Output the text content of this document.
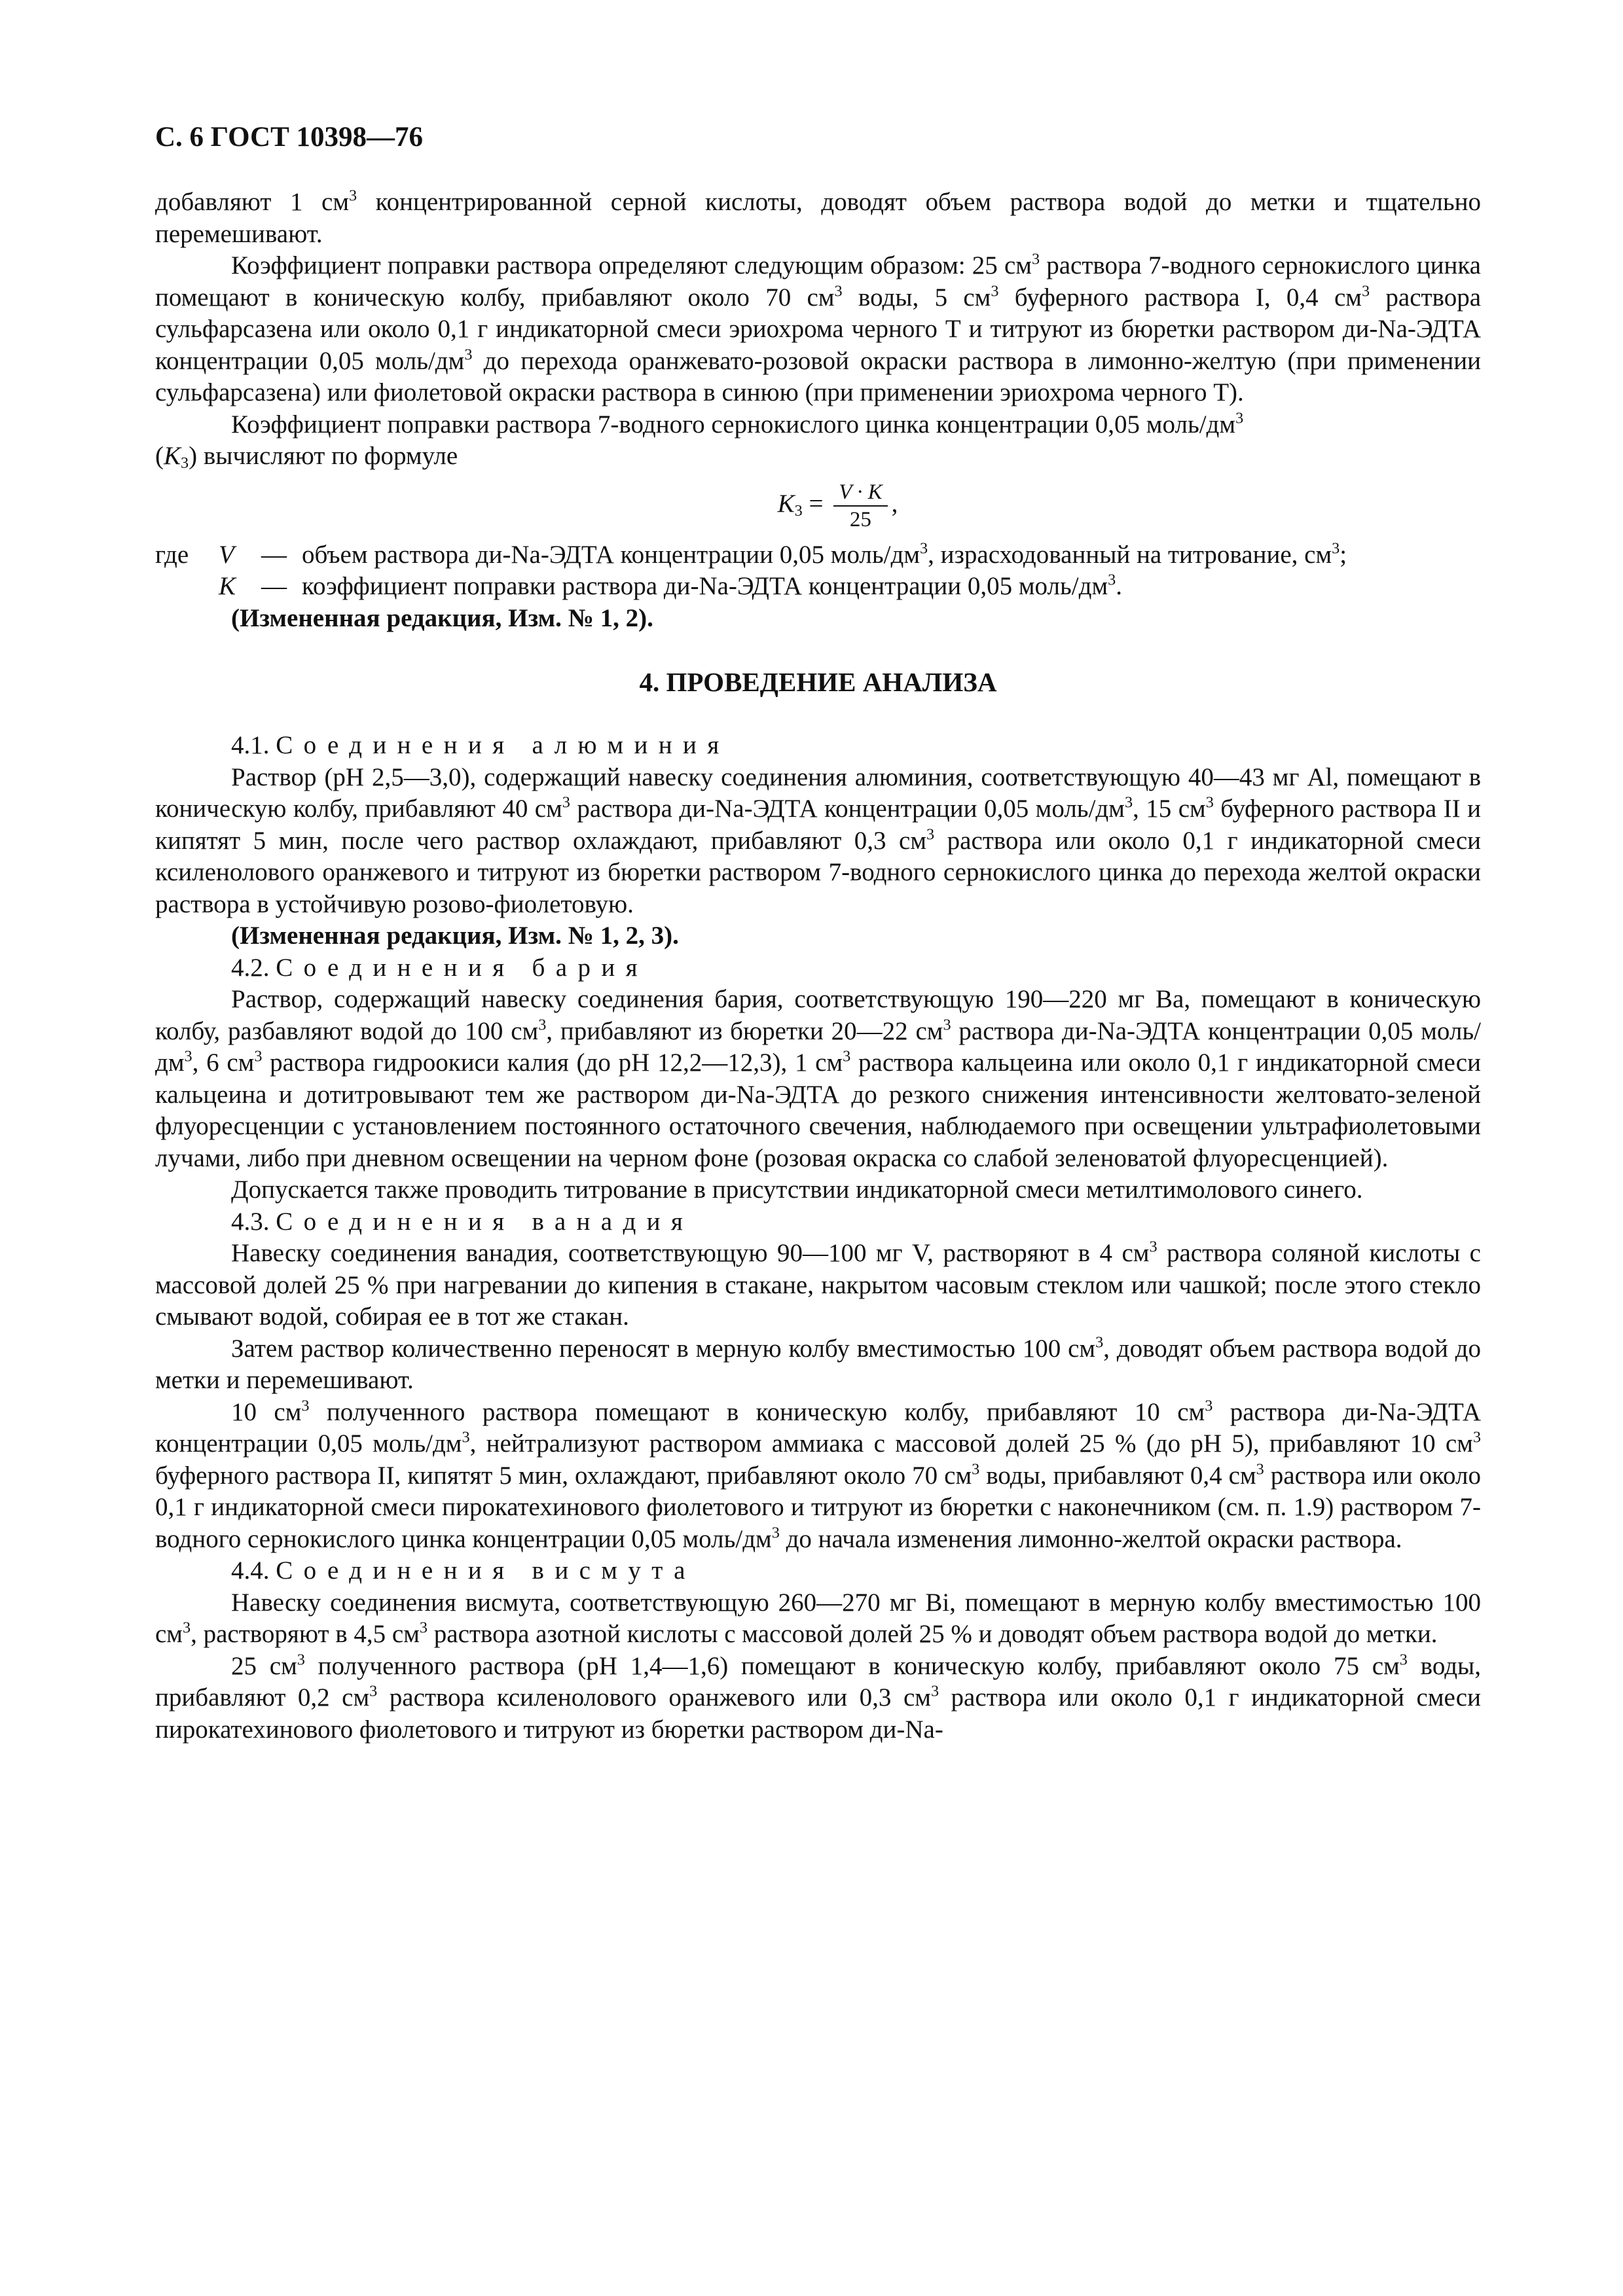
С. 6 ГОСТ 10398—76

добавляют 1 $см^3$ концентрированной серной кислоты, доводят объем раствора водой до метки и тщательно перемешивают.

Коэффициент поправки раствора определяют следующим образом: 25 $см^3$ раствора 7-водного сернокислого цинка помещают в коническую колбу, прибавляют около 70 $см^3$ воды, 5 $см^3$ буферного раствора I, 0,4 $см^3$ раствора сульфарсазена или около 0,1 г индикаторной смеси эриохрома черного Т и титруют из бюретки раствором ди-Na-ЭДТА концентрации 0,05 моль/$дм^3$ до перехода оранжевато-розовой окраски раствора в лимонно-желтую (при применении сульфарсазена) или фиолетовой окраски раствора в синюю (при применении эриохрома черного Т).

Коэффициент поправки раствора 7-водного сернокислого цинка концентрации 0,05 моль/$дм^3$

$(K_3)$ вычисляют по формуле

$K_3 = \frac{V \cdot K}{25}$ ,
где	V	— объем раствора ди-Na-ЭДТА концентрации 0,05 моль/$дм^3$, израсходованный на титрование, $см^3$;
K — коэффициент поправки раствора ди-Na-ЭДТА концентрации 0,05 моль/$дм^3$.

(Измененная редакция, Изм. № 1, 2).

4. ПРОВЕДЕНИЕ АНАЛИЗА

4.1. Соединения алюминия

Раствор (рН 2,5—3,0), содержащий навеску соединения алюминия, соответствующую 40—43 мг Al, помещают в коническую колбу, прибавляют 40 $см^3$ раствора ди-Na-ЭДТА концентрации 0,05 моль/$дм^3$, 15 $см^3$ буферного раствора II и кипятят 5 мин, после чего раствор охлаждают, прибавляют 0,3 $см^3$ раствора или около 0,1 г индикаторной смеси ксиленолового оранжевого и титруют из бюретки раствором 7-водного сернокислого цинка до перехода желтой окраски раствора в устойчивую розово-фиолетовую.

(Измененная редакция, Изм. № 1, 2, 3).

4.2. Соединения бария

Раствор, содержащий навеску соединения бария, соответствующую 190—220 мг Ва, помещают в коническую колбу, разбавляют водой до 100 $см^3$, прибавляют из бюретки 20—22 $см^3$ раствора ди-Na-ЭДТА концентрации 0,05 моль/$дм^3$, 6 $см^3$ раствора гидроокиси калия (до рН 12,2—12,3), 1 $см^3$ раствора кальцеина или около 0,1 г индикаторной смеси кальцеина и дотитровывают тем же раствором ди-Na-ЭДТА до резкого снижения интенсивности желтовато-зеленой флуоресценции с установлением постоянного остаточного свечения, наблюдаемого при освещении ультрафиолетовыми лучами, либо при дневном освещении на черном фоне (розовая окраска со слабой зеленоватой флуоресценцией).

Допускается также проводить титрование в присутствии индикаторной смеси метилтимолового синего.

4.3. Соединения ванадия

Навеску соединения ванадия, соответствующую 90—100 мг V, растворяют в 4 $см^3$ раствора соляной кислоты с массовой долей 25 % при нагревании до кипения в стакане, накрытом часовым стеклом или чашкой; после этого стекло смывают водой, собирая ее в тот же стакан.

Затем раствор количественно переносят в мерную колбу вместимостью 100 $см^3$, доводят объем раствора водой до метки и перемешивают.

10 $см^3$ полученного раствора помещают в коническую колбу, прибавляют 10 $см^3$ раствора ди-Na-ЭДТА концентрации 0,05 моль/$дм^3$, нейтрализуют раствором аммиака с массовой долей 25 % (до рН 5), прибавляют 10 $см^3$ буферного раствора II, кипятят 5 мин, охлаждают, прибавляют около 70 $см^3$ воды, прибавляют 0,4 $см^3$ раствора или около 0,1 г индикаторной смеси пирокатехинового фиолетового и титруют из бюретки с наконечником (см. п. 1.9) раствором 7-водного сернокислого цинка концентрации 0,05 моль/$дм^3$ до начала изменения лимонно-желтой окраски раствора.

4.4. Соединения висмута

Навеску соединения висмута, соответствующую 260—270 мг Bi, помещают в мерную колбу вместимостью 100 $см^3$, растворяют в 4,5 $см^3$ раствора азотной кислоты с массовой долей 25 % и доводят объем раствора водой до метки.

25 $см^3$ полученного раствора (рН 1,4—1,6) помещают в коническую колбу, прибавляют около 75 $см^3$ воды, прибавляют 0,2 $см^3$ раствора ксиленолового оранжевого или 0,3 $см^3$ раствора или около 0,1 г индикаторной смеси пирокатехинового фиолетового и титруют из бюретки раствором ди-Na-
